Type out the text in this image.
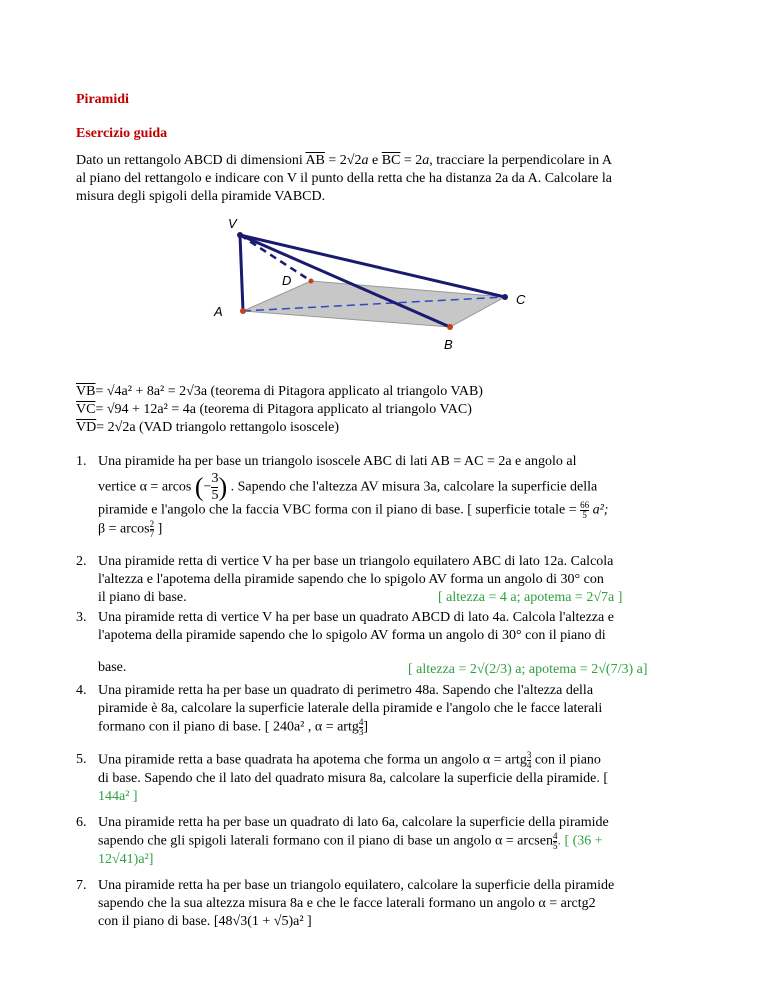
Piramidi
Esercizio guida
Dato un rettangolo ABCD di dimensioni $\overline{AB} = 2√2a$ e $\overline{BC} = 2a$, tracciare la perpendicolare in A
al piano del rettangolo e indicare con V il punto della retta che ha distanza 2a da A. Calcolare la
misura degli spigoli della piramide VABCD.
V
D
C
A
B
$\overline{VB}= √4a^2 + 8a^2 = 2√3a$ (teorema di Pitagora applicato al triangolo VAB)
$\overline{VC}= √94 + 12a^2 = 4a$ (teorema di Pitagora applicato al triangolo VAC)
$\overline{VD}= 2√2a$ (VAD triangolo rettangolo isoscele)
1. Una piramide ha per base un triangolo isoscele ABC di lati AB = AC = 2a e angolo al
vertice α = arcos (− $\frac{3}{5}$ ) . Sapendo che l'altezza AV misura 3a, calcolare la superficie della
piramide e l'angolo che la faccia VBC forma con il piano di base. [ superficie totale = $\frac{66}{5} a^2$;
β = arcos $\frac{2}{7}$ ]
2. Una piramide retta di vertice V ha per base un triangolo equilatero ABC di lato 12a. Calcola
l'altezza e l'apotema della piramide sapendo che lo spigolo AV forma un angolo di 30° con
il piano di base.	[ altezza = 4 a; apotema = 2√7a ]
3. Una piramide retta di vertice V ha per base un quadrato ABCD di lato 4a. Calcola l'altezza e
l'apotema della piramide sapendo che lo spigolo AV forma un angolo di 30° con il piano di
base.	[ altezza = 2√(2/3) a; apotema = 2√(7/3) a]
4. Una piramide retta ha per base un quadrato di perimetro 48a. Sapendo che l'altezza della
piramide è 8a, calcolare la superficie laterale della piramide e l'angolo che le facce laterali
formano con il piano di base. [ 240a² , α = artg $\frac{4}{3}$ ]
5. Una piramide retta a base quadrata ha apotema che forma un angolo α = artg $\frac{3}{4}$ con il piano
di base. Sapendo che il lato del quadrato misura 8a, calcolare la superficie della piramide. [
144a² ]
6. Una piramide retta ha per base un quadrato di lato 6a, calcolare la superficie della piramide
sapendo che gli spigoli laterali formano con il piano di base un angolo α = arcsen $\frac{4}{5}$ . [ (36 +
12√41)a²]
7. Una piramide retta ha per base un triangolo equilatero, calcolare la superficie della piramide
sapendo che la sua altezza misura 8a e che le facce laterali formano un angolo α = arctg2
con il piano di base. [48√3(1 + √5)a² ]
